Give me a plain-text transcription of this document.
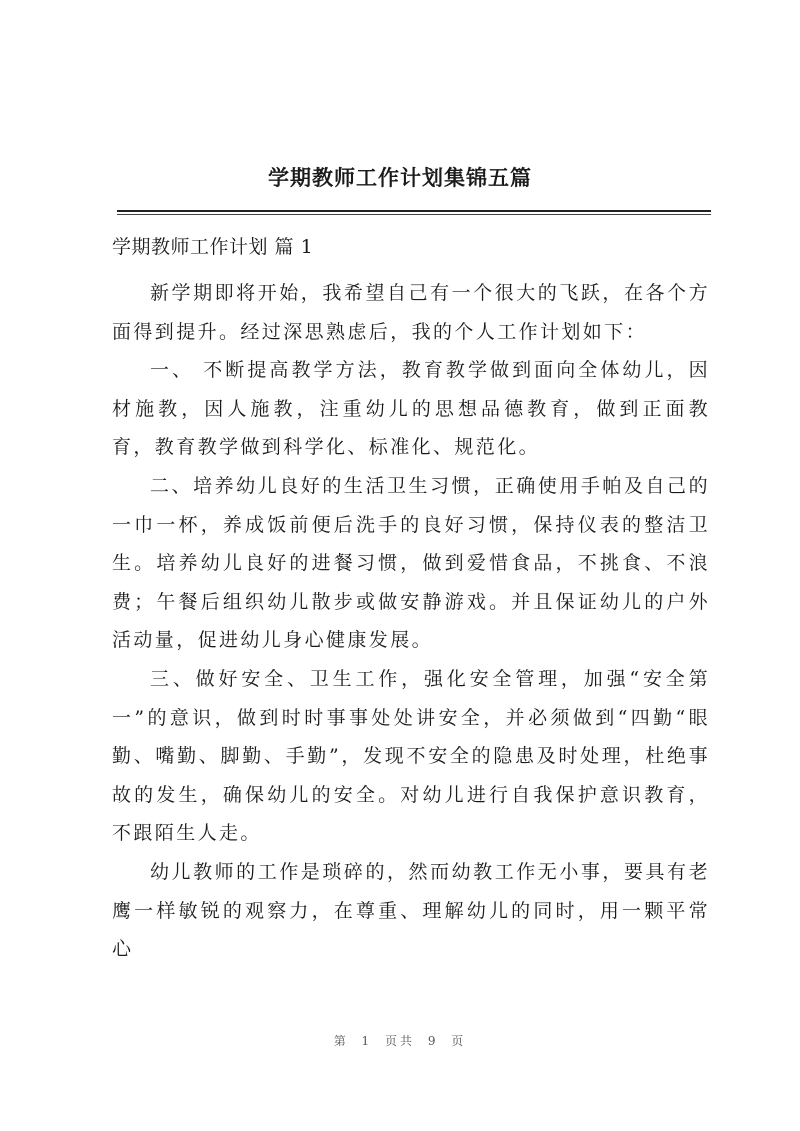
学期教师工作计划集锦五篇
学期教师工作计划 篇 1

新学期即将开始，我希望自己有一个很大的飞跃，在各个方面得到提升。经过深思熟虑后，我的个人工作计划如下：

一、 不断提高教学方法，教育教学做到面向全体幼儿，因材施教，因人施教，注重幼儿的思想品德教育，做到正面教育，教育教学做到科学化、标准化、规范化。

二、培养幼儿良好的生活卫生习惯，正确使用手帕及自己的一巾一杯，养成饭前便后洗手的良好习惯，保持仪表的整洁卫生。培养幼儿良好的进餐习惯，做到爱惜食品，不挑食、不浪费；午餐后组织幼儿散步或做安静游戏。并且保证幼儿的户外活动量，促进幼儿身心健康发展。

三、做好安全、卫生工作，强化安全管理，加强“安全第一”的意识，做到时时事事处处讲安全，并必须做到“四勤“眼勤、嘴勤、脚勤、手勤”，发现不安全的隐患及时处理，杜绝事故的发生，确保幼儿的安全。对幼儿进行自我保护意识教育，不跟陌生人走。

幼儿教师的工作是琐碎的，然而幼教工作无小事，要具有老鹰一样敏锐的观察力，在尊重、理解幼儿的同时，用一颗平常心

第 1 页共 9 页
